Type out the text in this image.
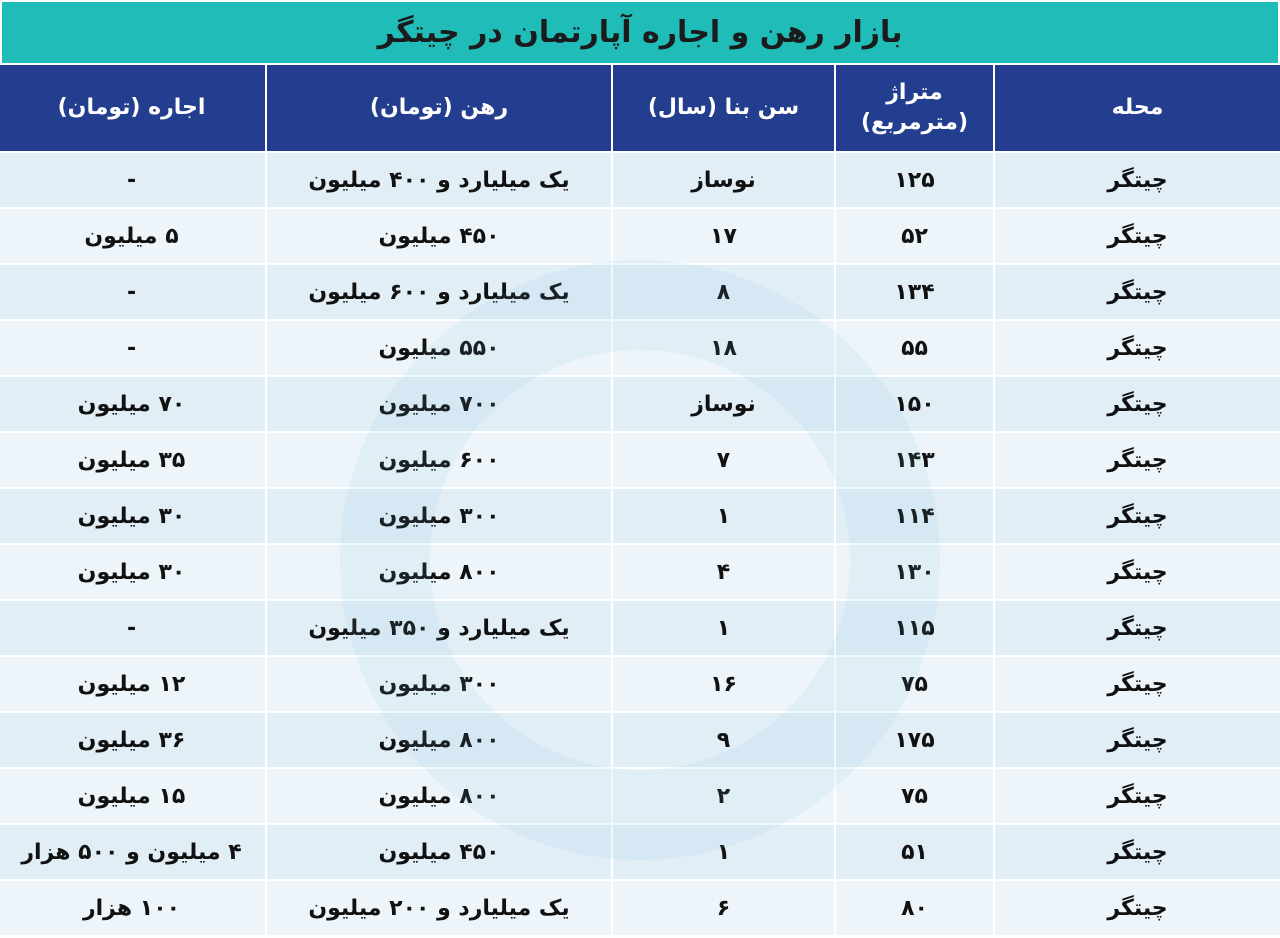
بازار رهن و اجاره آپارتمان در چیتگر
محله
متراژ
(مترمربع)
سن بنا (سال)
رهن (تومان)
اجاره (تومان)
چیتگر
۱۲۵
نوساز
یک میلیارد و ۴۰۰ میلیون
-
چیتگر
۵۲
۱۷
۴۵۰ میلیون
۵ میلیون
چیتگر
۱۳۴
۸
یک میلیارد و ۶۰۰ میلیون
-
چیتگر
۵۵
۱۸
۵۵۰ میلیون
-
چیتگر
۱۵۰
نوساز
۷۰۰ میلیون
۷۰ میلیون
چیتگر
۱۴۳
۷
۶۰۰ میلیون
۳۵ میلیون
چیتگر
۱۱۴
۱
۳۰۰ میلیون
۳۰ میلیون
چیتگر
۱۳۰
۴
۸۰۰ میلیون
۳۰ میلیون
چیتگر
۱۱۵
۱
یک میلیارد و ۳۵۰ میلیون
-
چیتگر
۷۵
۱۶
۳۰۰ میلیون
۱۲ میلیون
چیتگر
۱۷۵
۹
۸۰۰ میلیون
۳۶ میلیون
چیتگر
۷۵
۲
۸۰۰ میلیون
۱۵ میلیون
چیتگر
۵۱
۱
۴۵۰ میلیون
۴ میلیون و ۵۰۰ هزار
چیتگر
۸۰
۶
یک میلیارد و ۲۰۰ میلیون
۱۰۰ هزار
